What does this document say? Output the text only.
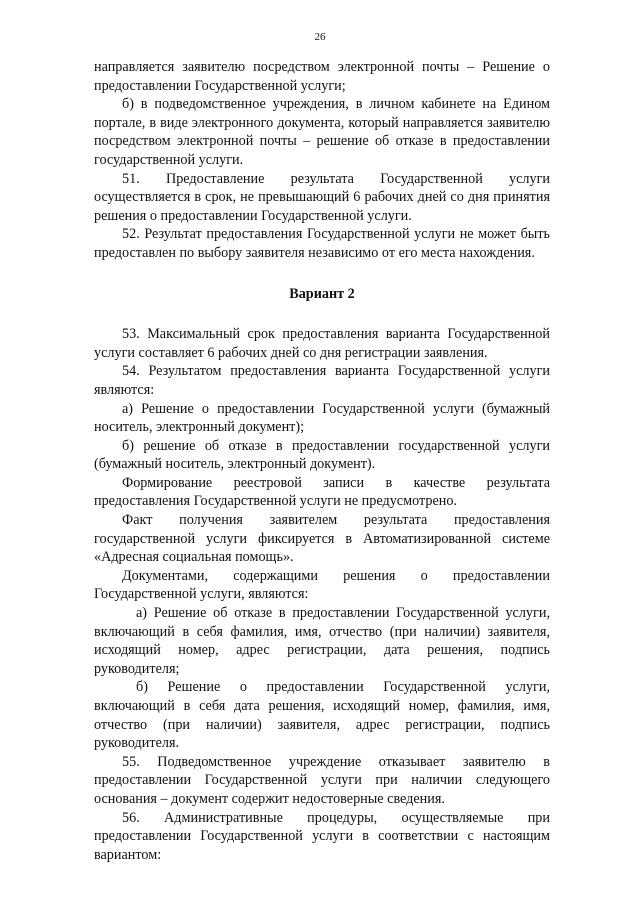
26

направляется заявителю посредством электронной почты – Решение о предоставлении Государственной услуги;

б) в подведомственное учреждения, в личном кабинете на Едином портале, в виде электронного документа, который направляется заявителю посредством электронной почты – решение об отказе в предоставлении государственной услуги.

51. Предоставление результата Государственной услуги осуществляется в срок, не превышающий 6 рабочих дней со дня принятия решения о предоставлении Государственной услуги.

52. Результат предоставления Государственной услуги не может быть предоставлен по выбору заявителя независимо от его места нахождения.

Вариант 2

53. Максимальный срок предоставления варианта Государственной услуги составляет 6 рабочих дней со дня регистрации заявления.

54. Результатом предоставления варианта Государственной услуги являются:

а) Решение о предоставлении Государственной услуги (бумажный носитель, электронный документ);

б) решение об отказе в предоставлении государственной услуги (бумажный носитель, электронный документ).

Формирование реестровой записи в качестве результата предоставления Государственной услуги не предусмотрено.

Факт получения заявителем результата предоставления государственной услуги фиксируется в Автоматизированной системе «Адресная социальная помощь».

Документами, содержащими решения о предоставлении Государственной услуги, являются:

а) Решение об отказе в предоставлении Государственной услуги, включающий в себя фамилия, имя, отчество (при наличии) заявителя, исходящий номер, адрес регистрации, дата решения, подпись руководителя;

б) Решение о предоставлении Государственной услуги, включающий в себя дата решения, исходящий номер, фамилия, имя, отчество (при наличии) заявителя, адрес регистрации, подпись руководителя.

55. Подведомственное учреждение отказывает заявителю в предоставлении Государственной услуги при наличии следующего основания – документ содержит недостоверные сведения.

56. Административные процедуры, осуществляемые при предоставлении Государственной услуги в соответствии с настоящим вариантом:
